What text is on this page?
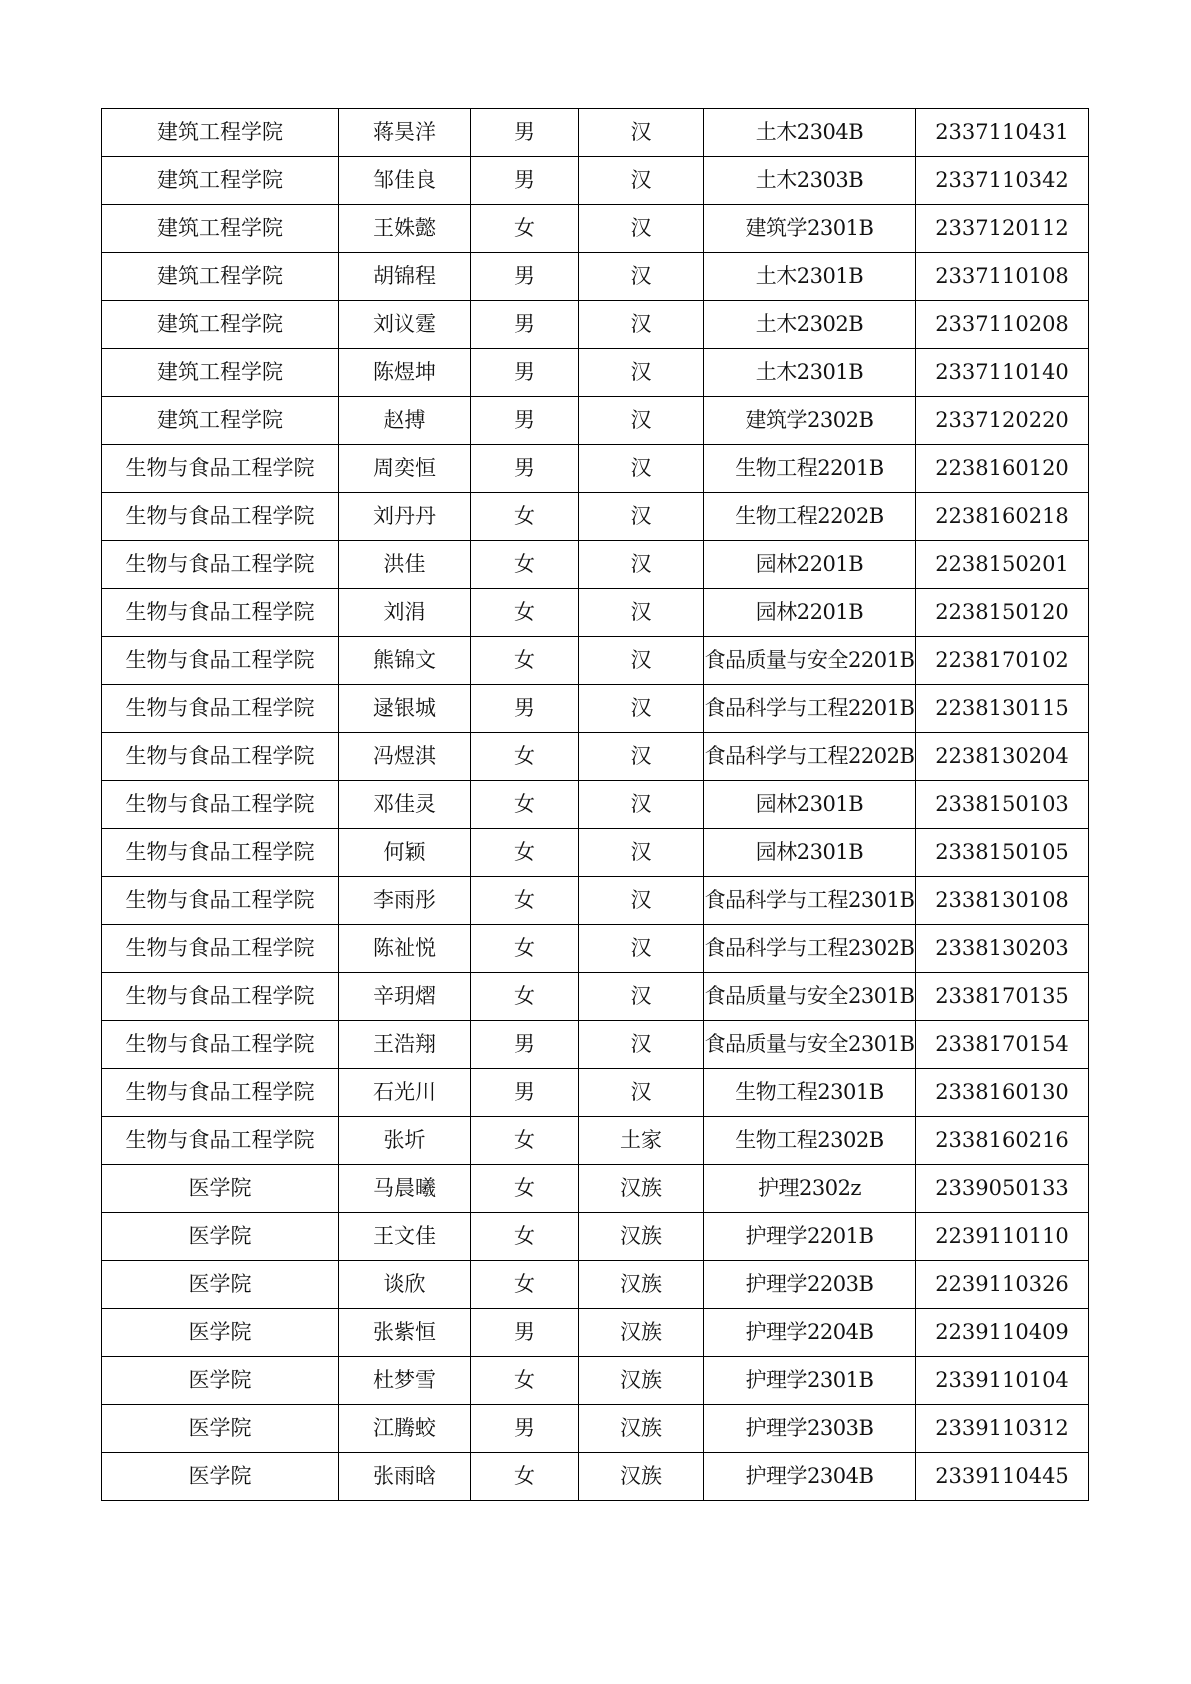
建筑工程学院	蒋昊洋	男	汉	土木2304B	2337110431
建筑工程学院	邹佳良	男	汉	土木2303B	2337110342
建筑工程学院	王姝懿	女	汉	建筑学2301B	2337120112
建筑工程学院	胡锦程	男	汉	土木2301B	2337110108
建筑工程学院	刘议霆	男	汉	土木2302B	2337110208
建筑工程学院	陈煜坤	男	汉	土木2301B	2337110140
建筑工程学院	赵搏	男	汉	建筑学2302B	2337120220
生物与食品工程学院	周奕恒	男	汉	生物工程2201B	2238160120
生物与食品工程学院	刘丹丹	女	汉	生物工程2202B	2238160218
生物与食品工程学院	洪佳	女	汉	园林2201B	2238150201
生物与食品工程学院	刘涓	女	汉	园林2201B	2238150120
生物与食品工程学院	熊锦文	女	汉	食品质量与安全2201B	2238170102
生物与食品工程学院	逯银城	男	汉	食品科学与工程2201B	2238130115
生物与食品工程学院	冯煜淇	女	汉	食品科学与工程2202B	2238130204
生物与食品工程学院	邓佳灵	女	汉	园林2301B	2338150103
生物与食品工程学院	何颖	女	汉	园林2301B	2338150105
生物与食品工程学院	李雨彤	女	汉	食品科学与工程2301B	2338130108
生物与食品工程学院	陈祉悦	女	汉	食品科学与工程2302B	2338130203
生物与食品工程学院	辛玥熠	女	汉	食品质量与安全2301B	2338170135
生物与食品工程学院	王浩翔	男	汉	食品质量与安全2301B	2338170154
生物与食品工程学院	石光川	男	汉	生物工程2301B	2338160130
生物与食品工程学院	张圻	女	土家	生物工程2302B	2338160216
医学院	马晨曦	女	汉族	护理2302z	2339050133
医学院	王文佳	女	汉族	护理学2201B	2239110110
医学院	谈欣	女	汉族	护理学2203B	2239110326
医学院	张紫恒	男	汉族	护理学2204B	2239110409
医学院	杜梦雪	女	汉族	护理学2301B	2339110104
医学院	江腾蛟	男	汉族	护理学2303B	2339110312
医学院	张雨晗	女	汉族	护理学2304B	2339110445
